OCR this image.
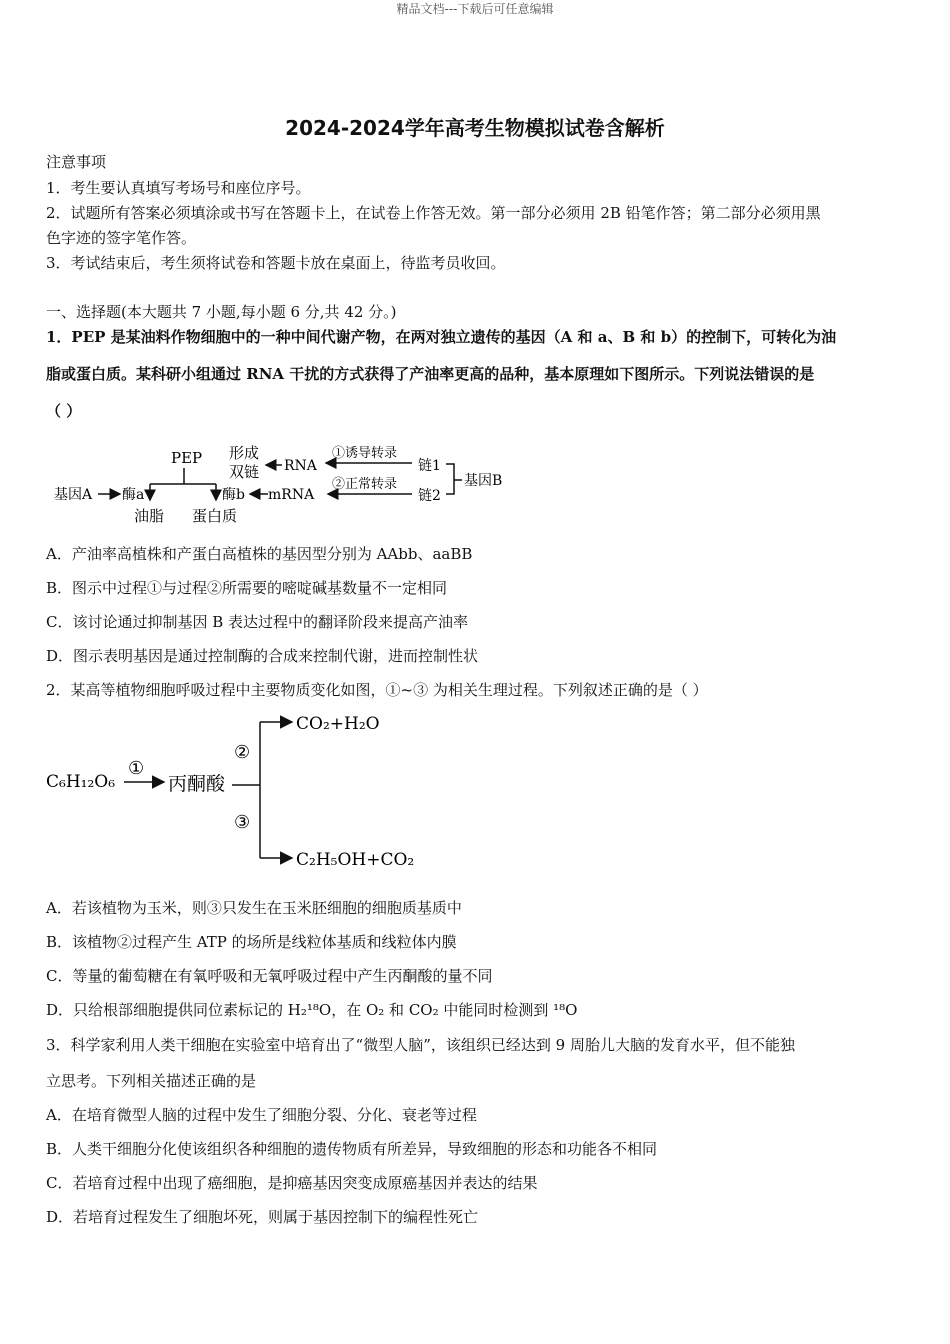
精品文档---下载后可任意编辑
2024-2024学年高考生物模拟试卷含解析
注意事项
1．考生要认真填写考场号和座位序号。
2．试题所有答案必须填涂或书写在答题卡上，在试卷上作答无效。第一部分必须用 2B 铅笔作答；第二部分必须用黑
色字迹的签字笔作答。
3．考试结束后，考生须将试卷和答题卡放在桌面上，待监考员收回。
一、选择题(本大题共 7 小题,每小题 6 分,共 42 分。)
1．PEP 是某油料作物细胞中的一种中间代谢产物，在两对独立遗传的基因（A 和 a、B 和 b）的控制下，可转化为油
脂或蛋白质。某科研小组通过 RNA 干扰的方式获得了产油率更高的品种，基本原理如下图所示。下列说法错误的是
（ ）
PEP
基因A 酶a	酶b
油脂 蛋白质
mRNA
形成
双链 RNA
①诱导转录
②正常转录
链1
链2
基因B
A．产油率高植株和产蛋白高植株的基因型分别为 AAbb、aaBB
B．图示中过程①与过程②所需要的嘧啶碱基数量不一定相同
C．该讨论通过抑制基因 B 表达过程中的翻译阶段来提高产油率
D．图示表明基因是通过控制酶的合成来控制代谢，进而控制性状
2．某高等植物细胞呼吸过程中主要物质变化如图，①~③ 为相关生理过程。下列叙述正确的是（ ）
C₆H₁₂O₆
①
丙酮酸
②
③
CO₂+H₂O
C₂H₅OH+CO₂
A．若该植物为玉米，则③只发生在玉米胚细胞的细胞质基质中
B．该植物②过程产生 ATP 的场所是线粒体基质和线粒体内膜
C．等量的葡萄糖在有氧呼吸和无氧呼吸过程中产生丙酮酸的量不同
D．只给根部细胞提供同位素标记的 H₂¹⁸O，在 O₂ 和 CO₂ 中能同时检测到 ¹⁸O
3．科学家利用人类干细胞在实验室中培育出了“微型人脑”，该组织已经达到 9 周胎儿大脑的发育水平，但不能独
立思考。下列相关描述正确的是
A．在培育微型人脑的过程中发生了细胞分裂、分化、衰老等过程
B．人类干细胞分化使该组织各种细胞的遗传物质有所差异，导致细胞的形态和功能各不相同
C．若培育过程中出现了癌细胞，是抑癌基因突变成原癌基因并表达的结果
D．若培育过程发生了细胞坏死，则属于基因控制下的编程性死亡
